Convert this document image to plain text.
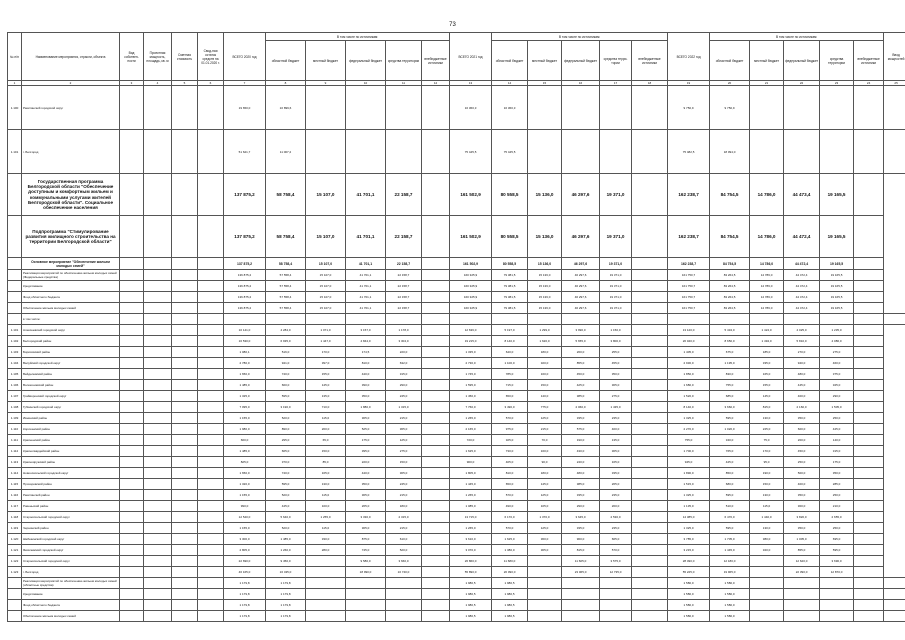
73
№ п/п	Наименование мероприятия, отрасли, объекта	Вид собствен-ности	Проектная мощность, площадь, кв. м	Сметная стоимость	Свод-ная остаток средств на 01.01.2020 г.	ВСЕГО 2020 год	В том числе по источникам:					ВСЕГО 2021 год	В том числе по источникам:					ВСЕГО 2022 год	В том числе по источникам:					Ввод мощностей
							областной бюджет	местный бюджет	федеральный бюджет	средства территории	внебюджетные источники		областной бюджет	местный бюджет	федеральный бюджет	средства терри-тории	внебюджетные источники		областной бюджет	местный бюджет	федеральный бюджет	средства территории	внебюджетные источники	
1	2	3	4	5	6	7	8	9	10	11	12	13	14	15	16	17	18	19	20	21	22	23	24	25
1.100	Ракитянский городской округ					19 650,0	10 899,6					16 360,3	16 360,3					9 750,9	9 750,9					
1.101	г. Белгород					51 621,7	11 007,2					75 445,5	75 445,5					75 482,5	18 094,0					
	Государственная программа Белгородской области "Обеспечение доступным и комфортным жильем и коммунальными услугами жителей Белгородской области". Социальное обеспечение населения					137 875,2	58 758,4	15 107,0	41 701,1	22 158,7		161 502,9	80 558,5	15 136,0	46 297,6	19 371,0		162 238,7	84 754,5	14 786,0	44 473,4	19 165,5		
	Подпрограмма "Стимулирование развития жилищного строительства на территории Белгородской области"					137 875,2	58 758,4	15 107,0	41 701,1	22 158,7		161 502,9	80 558,5	15 136,0	46 297,6	19 371,0		162 238,7	84 754,5	14 786,0	44 472,4	19 165,5		
	Основное мероприятие "Обеспечение жильем молодых семей"					137 875,2	58 758,4	15 107,0	41 701,1	22 158,7		161 502,9	80 558,5	15 136,0	46 297,6	19 371,0		162 238,7	84 754,5	14 786,0	44 472,4	19 165,5		
	Реализация мероприятий по обеспечению жильем молодых семей (Федеральные средства)					136 875,2	57 558,4	15 107,0	41 701,1	22 158,7		160 325,9	79 381,5	15 136,0	46 297,6	19 371,0		161 750,7	83 264,5	14 786,0	44 472,4	19 165,5		
	Кредитование					136 875,2	57 558,4	15 107,0	41 701,1	22 158,7		160 325,9	79 381,5	15 136,0	46 297,6	19 371,0		161 750,7	83 264,5	14 786,0	44 472,4	19 165,5		
	Фонд областного бюджета					136 875,2	57 558,4	15 107,0	41 701,1	22 158,7		160 325,9	79 381,5	15 136,0	46 297,6	19 371,0		161 750,7	83 264,5	14 786,0	44 472,4	19 165,5		
	Обеспечение жильем молодых семей					136 875,2	57 558,4	15 107,0	41 701,1	22 158,7		160 325,9	79 381,5	15 136,0	46 297,6	19 371,0		161 750,7	83 264,5	14 786,0	44 472,4	19 165,5		
	в том числе:																							
1.101	Алексеевский городской округ					10 141,0	4 284,0	1 071,0	3 157,0	1 178,0		12 636,0	5 197,0	1 299,0	3 990,0	1 150,0		13 120,0	5 434,0	1 424,0	4 025,0	1 235,0		
1.102	Белгородский район					16 530,0	6 935,0	1 447,0	4 844,0	3 304,0		19 215,0	8 140,0	1 620,0	5 655,0	3 800,0		20 040,0	8 650,0	1 494,0	5 810,0	4 086,0		
1.103	Борисовский район					1 080,1	516,0	170,0	174,5	220,0		1 335,0	640,0	180,0	260,0	255,0		1 405,0	675,0	185,0	270,0	275,0		
1.104	Валуйский городской округ					2 780,0	941,0	397,0	810,0	632,0		2 730,0	1 100,0	320,0	855,0	455,0		2 930,0	1 195,0	335,0	940,0	460,0		
1.105	Вейделевский район					1 650,0	740,0	155,0	440,0	315,0		1 745,0	785,0	160,0	450,0	350,0		1 850,0	830,0	165,0	480,0	375,0		
1.106	Волоконовский район					1 485,0	660,0	145,0	390,0	290,0		1 595,0	715,0	150,0	425,0	305,0		1 680,0	755,0	155,0	445,0	325,0		
1.107	Грайворонский городской округ					1 325,0	595,0	135,0	350,0	245,0		1 450,0	650,0	140,0	385,0	275,0		1 520,0	685,0	145,0	400,0	290,0		
1.108	Губкинский городской округ					7 095,0	3 190,0	710,0	1 880,0	1 315,0		7 760,0	3 490,0	775,0	2 060,0	1 435,0		8 140,0	3 660,0	815,0	2 160,0	1 505,0		
1.109	Ивнянский район					1 155,0	520,0	115,0	305,0	215,0		1 265,0	570,0	125,0	335,0	235,0		1 325,0	595,0	130,0	350,0	250,0		
1.110	Корочанский район					1 980,0	890,0	200,0	525,0	365,0		2 165,0	975,0	215,0	575,0	400,0		2 270,0	1 020,0	225,0	600,0	425,0		
1.111	Красненский район					660,0	295,0	65,0	175,0	125,0		720,0	325,0	70,0	190,0	135,0		755,0	340,0	75,0	200,0	140,0		
1.112	Красногвардейский район					1 485,0	665,0	150,0	395,0	275,0		1 625,0	730,0	160,0	430,0	305,0		1 700,0	765,0	170,0	450,0	315,0		
1.113	Краснояружский район					825,0	370,0	85,0	220,0	150,0		900,0	405,0	90,0	240,0	165,0		945,0	425,0	95,0	250,0	175,0		
1.114	Новооскольский городской округ					1 650,0	740,0	165,0	440,0	305,0		1 805,0	810,0	180,0	480,0	335,0		1 890,0	850,0	190,0	500,0	350,0		
1.115	Прохоровский район					1 320,0	595,0	130,0	350,0	245,0		1 445,0	650,0	145,0	385,0	265,0		1 515,0	680,0	150,0	400,0	285,0		
1.116	Ракитянский район					1 155,0	520,0	115,0	305,0	215,0		1 265,0	570,0	125,0	335,0	235,0		1 325,0	595,0	130,0	350,0	250,0		
1.117	Ровеньский район					990,0	445,0	100,0	265,0	180,0		1 085,0	490,0	105,0	290,0	200,0		1 135,0	510,0	115,0	300,0	210,0		
1.118	Старооскольский городской округ					12 540,0	5 640,0	1 255,0	3 330,0	2 315,0		13 715,0	6 170,0	1 370,0	3 645,0	2 530,0		14 385,0	6 470,0	1 440,0	3 820,0	2 655,0		
1.119	Чернянский район					1 155,0	520,0	115,0	305,0	215,0		1 265,0	570,0	125,0	335,0	235,0		1 325,0	595,0	130,0	350,0	250,0		
1.120	Шебекинский городской округ					3 300,0	1 485,0	330,0	875,0	610,0		3 610,0	1 625,0	360,0	960,0	665,0		3 785,0	1 705,0	380,0	1 005,0	695,0		
1.121	Яковлевский городской округ					2 805,0	1 260,0	280,0	745,0	520,0		3 070,0	1 380,0	305,0	815,0	570,0		3 215,0	1 445,0	320,0	855,0	595,0		
1.122	Старооскольский городской округ					22 690,0	9 450,0		9 580,0	3 660,0		26 860,0	11 680,0		11 605,0	3 575,0		28 490,0	12 180,0		12 620,0	3 690,0		
1.123	г. Белгород					46 165,0	16 435,0		18 990,0	10 740,0		55 890,0	20 090,0		23 065,0	12 735,0		55 225,0	19 965,0		22 390,0	12 870,0		
	Реализация мероприятий по обеспечению жильем молодых семей (областные средства)					1 179,8	1 179,8					1 980,5	1 980,5					1 580,0	1 580,0					
	Кредитование					1 179,8	1 179,8					1 980,5	1 980,5					1 580,0	1 580,0					
	Фонд областного бюджета					1 179,8	1 179,8					1 980,5	1 980,5					1 580,0	1 580,0					
	Обеспечение жильем молодых семей					1 179,8	1 179,8					1 980,5	1 980,5					1 580,0	1 580,0					
